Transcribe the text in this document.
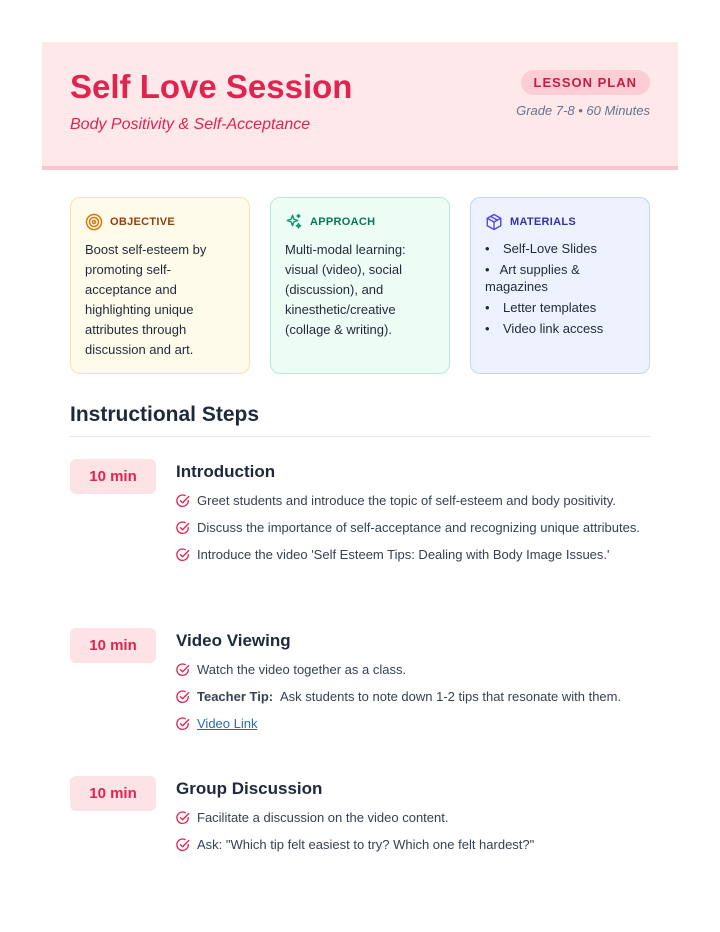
Self Love Session
Body Positivity & Self-Acceptance
LESSON PLAN
Grade 7-8 • 60 Minutes
OBJECTIVE
Boost self-esteem by promoting self-acceptance and highlighting unique attributes through discussion and art.
APPROACH
Multi-modal learning: visual (video), social (discussion), and kinesthetic/creative (collage & writing).
MATERIALS
• Self-Love Slides
• Art supplies & magazines
• Letter templates
• Video link access
Instructional Steps
10 min	Introduction
Greet students and introduce the topic of self-esteem and body positivity.
Discuss the importance of self-acceptance and recognizing unique attributes.
Introduce the video 'Self Esteem Tips: Dealing with Body Image Issues.'
10 min	Video Viewing
Watch the video together as a class.
Teacher Tip: Ask students to note down 1-2 tips that resonate with them.
Video Link
10 min	Group Discussion
Facilitate a discussion on the video content.
Ask: "Which tip felt easiest to try? Which one felt hardest?"
